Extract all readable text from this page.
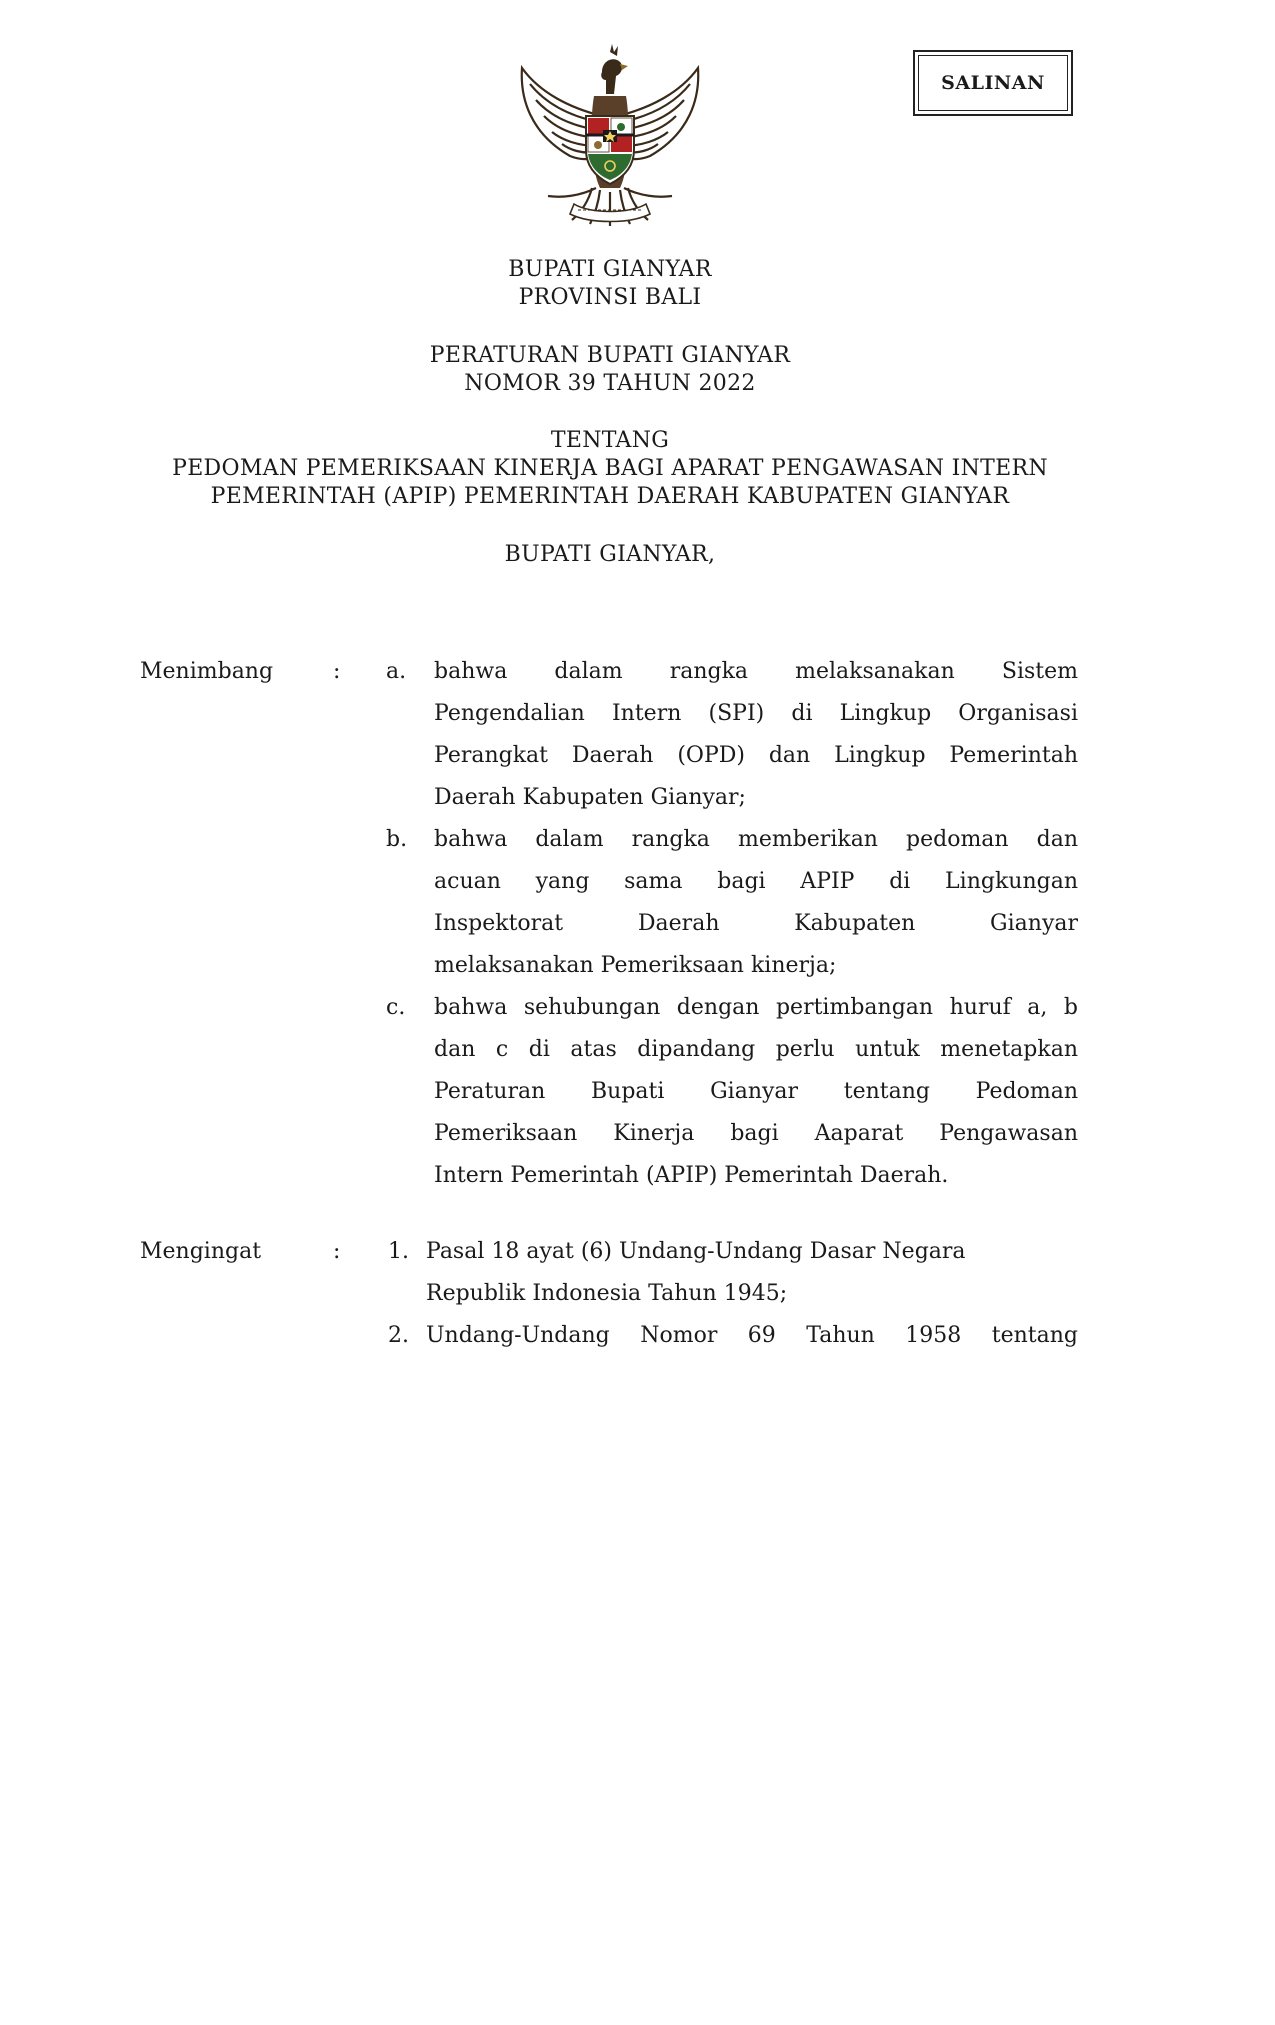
SALINAN
BUPATI GIANYAR
PROVINSI BALI
PERATURAN BUPATI GIANYAR
NOMOR 39 TAHUN 2022
TENTANG
PEDOMAN PEMERIKSAAN KINERJA BAGI APARAT PENGAWASAN INTERN
PEMERINTAH (APIP) PEMERINTAH DAERAH KABUPATEN GIANYAR
BUPATI GIANYAR,
Menimbang	: a. bahwa dalam rangka melaksanakan Sistem
Pengendalian Intern (SPI) di Lingkup Organisasi
Perangkat Daerah (OPD) dan Lingkup Pemerintah
Daerah Kabupaten Gianyar;
b. bahwa dalam rangka memberikan pedoman dan
acuan yang sama bagi APIP di Lingkungan
Inspektorat Daerah Kabupaten Gianyar
melaksanakan Pemeriksaan kinerja;
c. bahwa sehubungan dengan pertimbangan huruf a, b
dan c di atas dipandang perlu untuk menetapkan
Peraturan Bupati Gianyar tentang Pedoman
Pemeriksaan Kinerja bagi Aaparat Pengawasan
Intern Pemerintah (APIP) Pemerintah Daerah.
Mengingat	: 1. Pasal 18 ayat (6) Undang-Undang Dasar Negara
Republik Indonesia Tahun 1945;
2. Undang-Undang Nomor 69 Tahun 1958 tentang
